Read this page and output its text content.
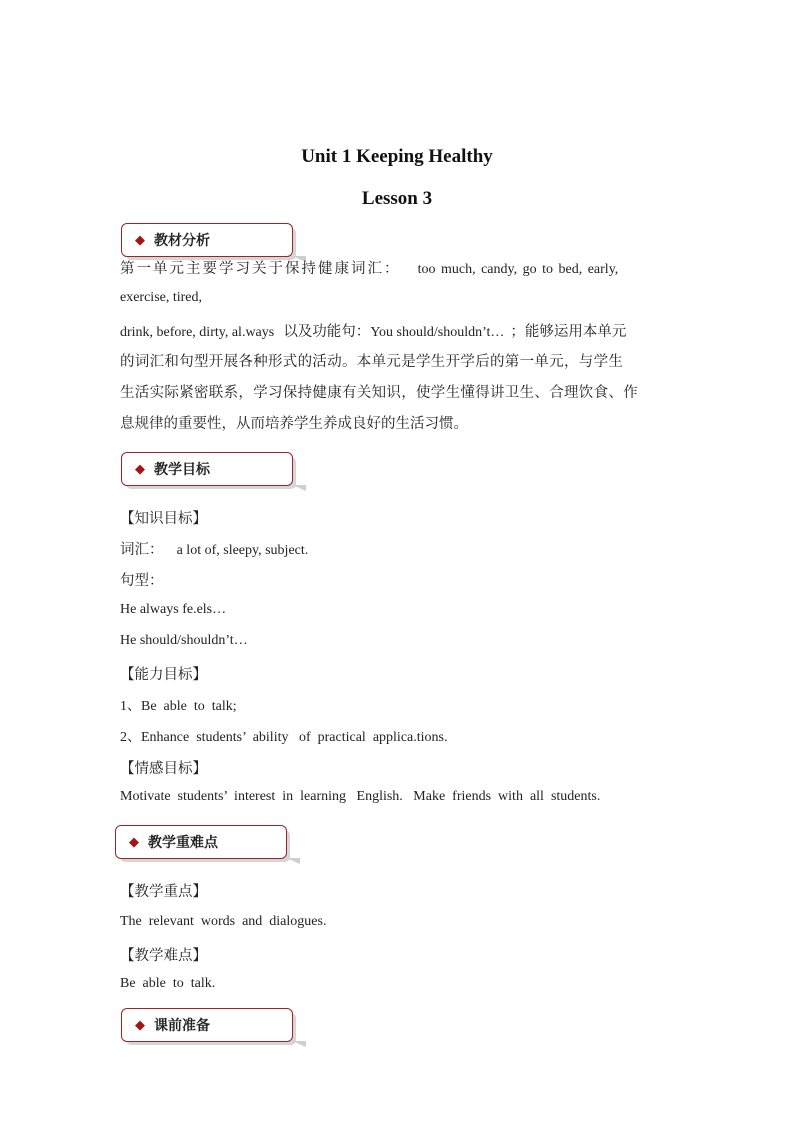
Unit 1 Keeping Healthy
Lesson 3
◆ 教材分析
第一单元主要学习关于保持健康词汇： too much, candy, go to bed, early,
exercise, tired,
drink, before, dirty, al.ways 以及功能句：You should/shouldn’t… ；能够运用本单元
的词汇和句型开展各种形式的活动。本单元是学生开学后的第一单元，与学生
生活实际紧密联系，学习保持健康有关知识，使学生懂得讲卫生、合理饮食、作
息规律的重要性，从而培养学生养成良好的生活习惯。
◆ 教学目标
【知识目标】
词汇： a lot of, sleepy, subject.
句型：
He always fe.els…
He should/shouldn’t…
【能力目标】
1、Be  able  to  talk;
2、Enhance  students’  ability   of  practical  applica.tions.
【情感目标】
Motivate  students’  interest  in  learning   English.   Make  friends  with  all  students.
◆ 教学重难点
【教学重点】
The  relevant  words  and  dialogues.
【教学难点】
Be  able  to  talk.
◆ 课前准备
